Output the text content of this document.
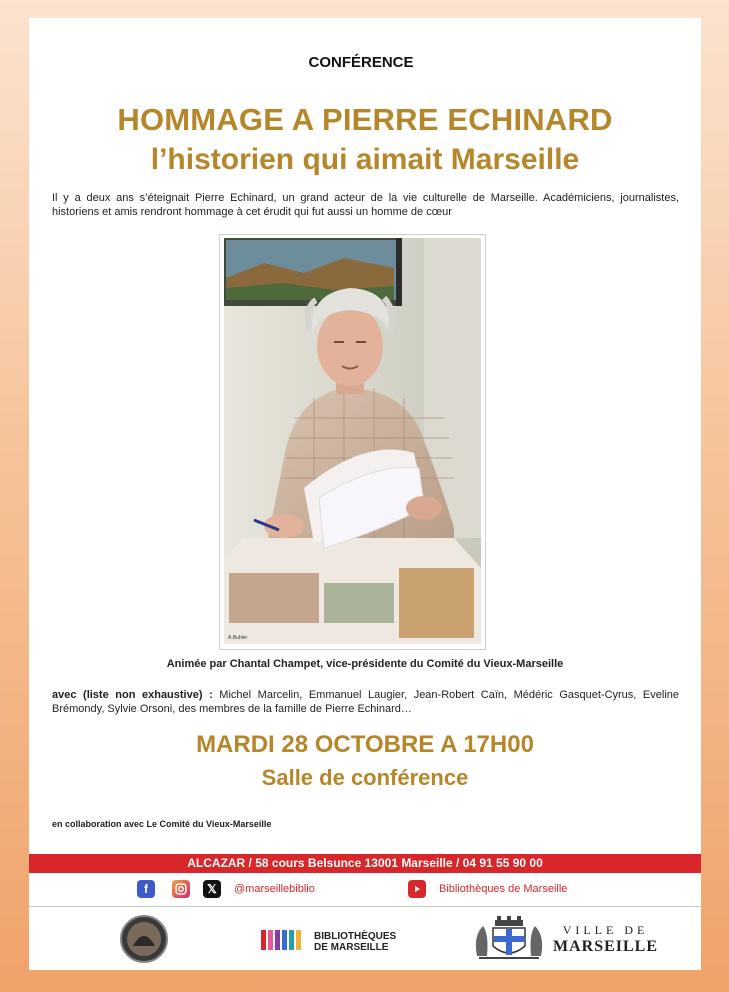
CONFÉRENCE
HOMMAGE A PIERRE ECHINARD
l’historien qui aimait Marseille
Il y a deux ans s’éteignait Pierre Echinard, un grand acteur de la vie culturelle de Marseille. Académiciens, journalistes, historiens et amis rendront hommage à cet érudit qui fut aussi un homme de cœur
A.Buhler
Animée par Chantal Champet, vice-présidente du Comité du Vieux-Marseille
avec (liste non exhaustive) : Michel Marcelin, Emmanuel Laugier, Jean-Robert Caïn, Médéric Gasquet-Cyrus, Eveline Brémondy, Sylvie Orsoni, des membres de la famille de Pierre Echinard…
MARDI 28 OCTOBRE A 17H00
Salle de conférence
en collaboration avec Le Comité du Vieux-Marseille
ALCAZAR / 58 cours Belsunce 13001 Marseille / 04 91 55 90 00
f	𝕏	@marseillebiblio	Bibliothèques de Marseille
BIBLIOTHÈQUES
DE MARSEILLE
VILLE DE
MARSEILLE
